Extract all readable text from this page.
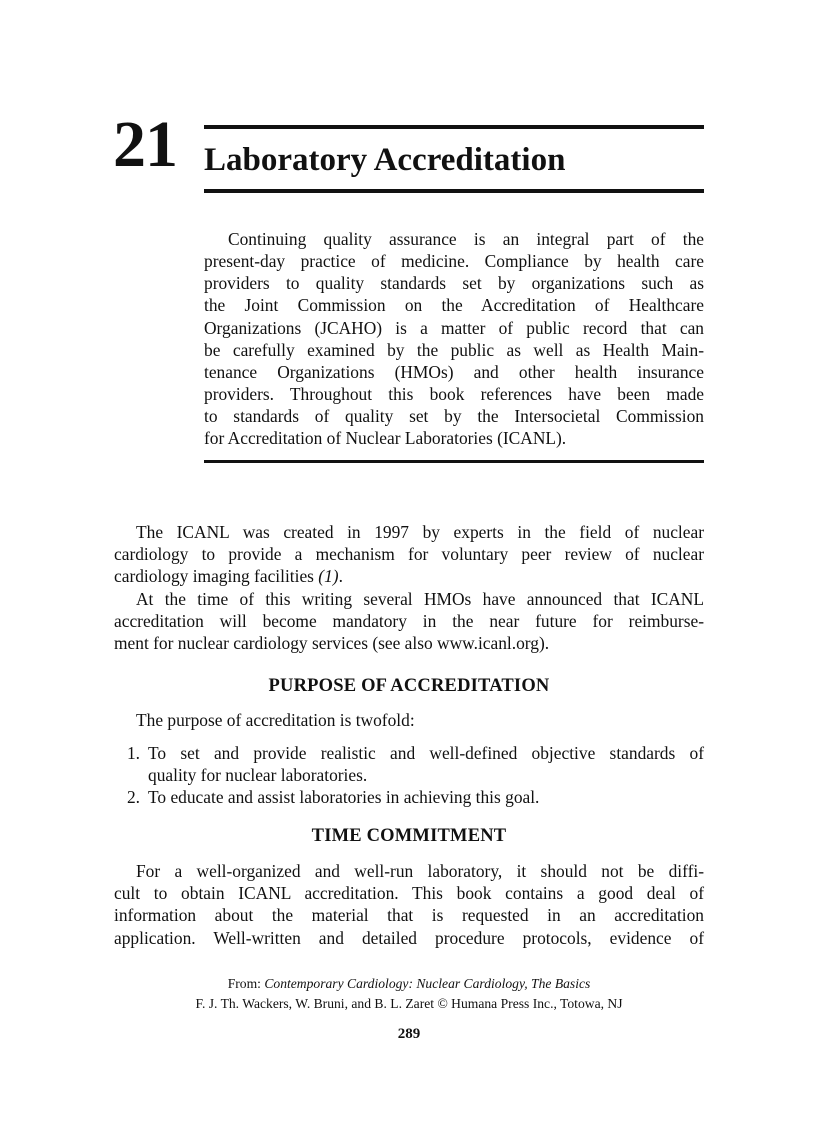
21 Laboratory Accreditation
Continuing quality assurance is an integral part of the
present-day practice of medicine. Compliance by health care
providers to quality standards set by organizations such as
the Joint Commission on the Accreditation of Healthcare
Organizations (JCAHO) is a matter of public record that can
be carefully examined by the public as well as Health Main-
tenance Organizations (HMOs) and other health insurance
providers. Throughout this book references have been made
to standards of quality set by the Intersocietal Commission
for Accreditation of Nuclear Laboratories (ICANL).
The ICANL was created in 1997 by experts in the field of nuclear
cardiology to provide a mechanism for voluntary peer review of nuclear
cardiology imaging facilities (1).
At the time of this writing several HMOs have announced that ICANL
accreditation will become mandatory in the near future for reimburse-
ment for nuclear cardiology services (see also www.icanl.org).
PURPOSE OF ACCREDITATION
The purpose of accreditation is twofold:
1. To set and provide realistic and well-defined objective standards of
quality for nuclear laboratories.
2. To educate and assist laboratories in achieving this goal.
TIME COMMITMENT
For a well-organized and well-run laboratory, it should not be diffi-
cult to obtain ICANL accreditation. This book contains a good deal of
information about the material that is requested in an accreditation
application. Well-written and detailed procedure protocols, evidence of
From: Contemporary Cardiology: Nuclear Cardiology, The Basics
F. J. Th. Wackers, W. Bruni, and B. L. Zaret © Humana Press Inc., Totowa, NJ
289
